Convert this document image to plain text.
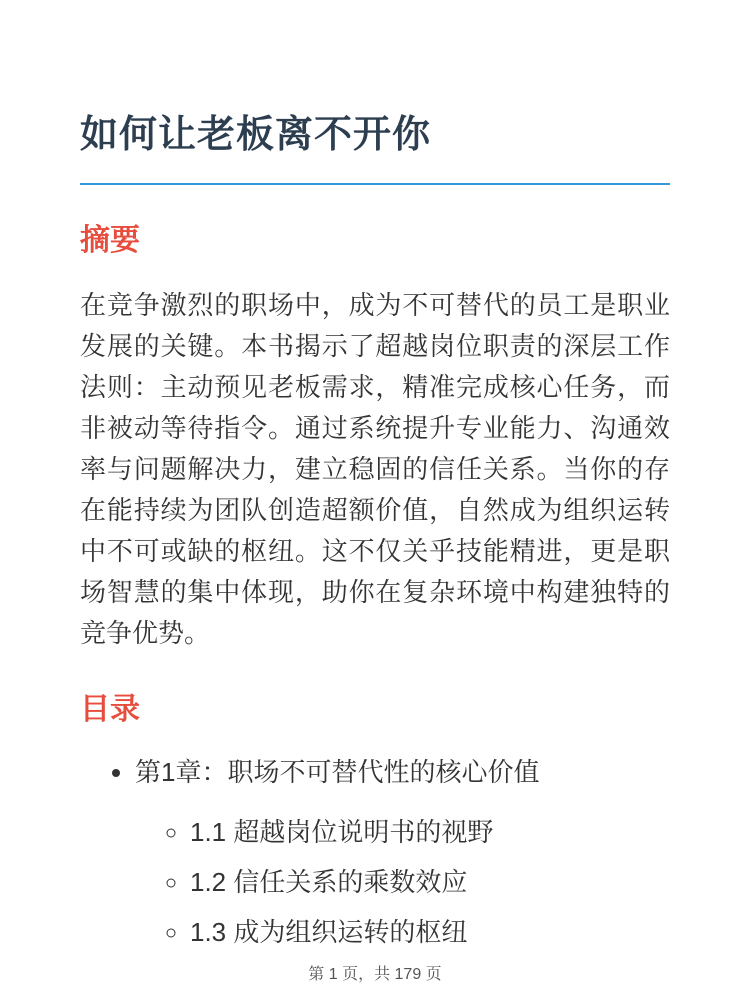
如何让老板离不开你
摘要

在竞争激烈的职场中，成为不可替代的员工是职业发展的关键。本书揭示了超越岗位职责的深层工作法则：主动预见老板需求，精准完成核心任务，而非被动等待指令。通过系统提升专业能力、沟通效率与问题解决力，建立稳固的信任关系。当你的存在能持续为团队创造超额价值，自然成为组织运转中不可或缺的枢纽。这不仅关乎技能精进，更是职场智慧的集中体现，助你在复杂环境中构建独特的竞争优势。

目录
• 第1章：职场不可替代性的核心价值
◦ 1.1 超越岗位说明书的视野
◦ 1.2 信任关系的乘数效应
◦ 1.3 成为组织运转的枢纽
第 1 页，共 179 页
